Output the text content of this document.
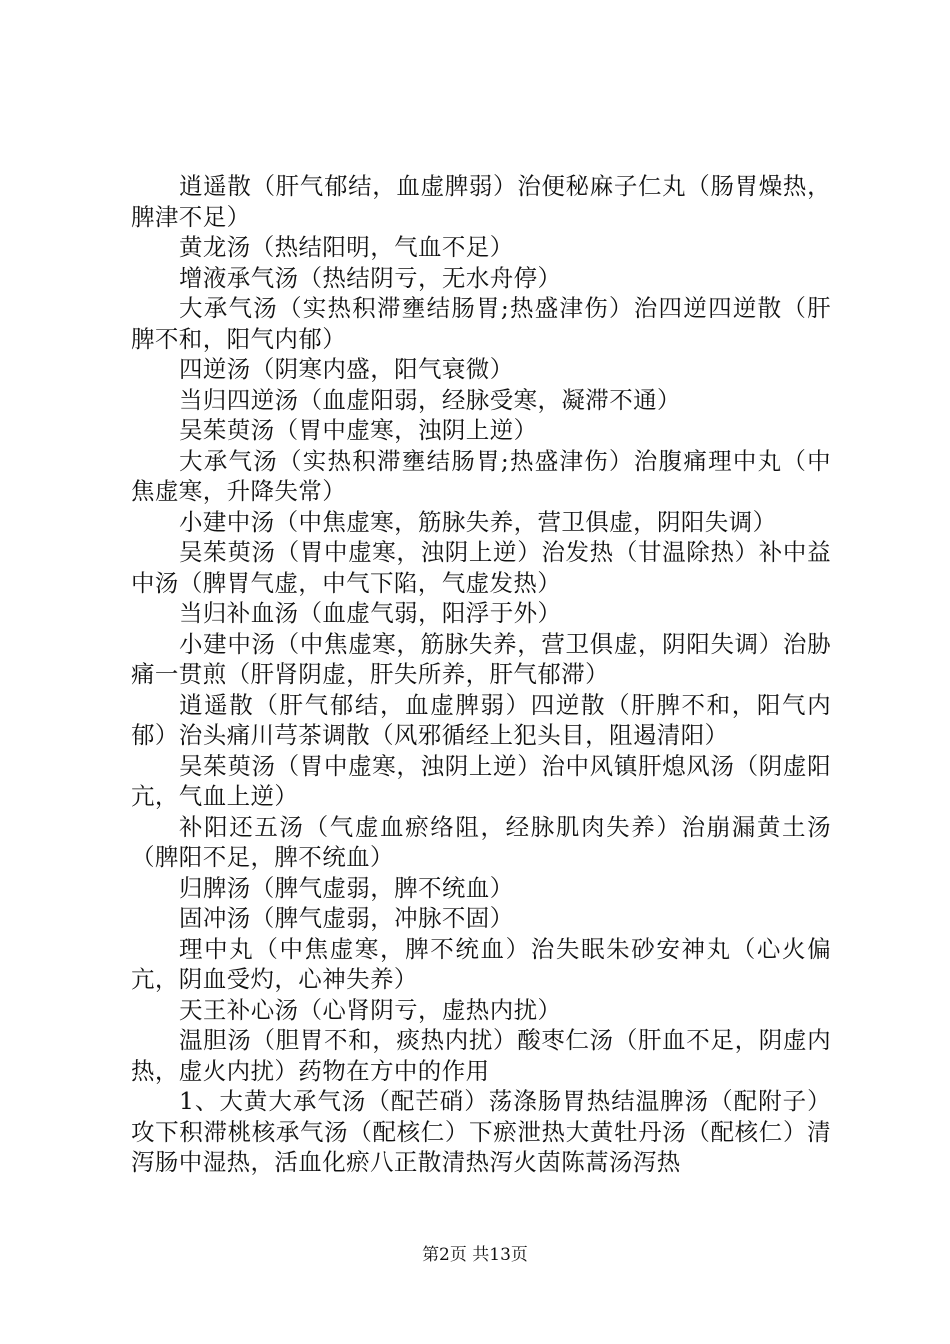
逍遥散（肝气郁结，血虚脾弱）治便秘麻子仁丸（肠胃燥热，脾津不足）

黄龙汤（热结阳明，气血不足）

增液承气汤（热结阴亏，无水舟停）

大承气汤（实热积滞壅结肠胃;热盛津伤）治四逆四逆散（肝脾不和，阳气内郁）

四逆汤（阴寒内盛，阳气衰微）

当归四逆汤（血虚阳弱，经脉受寒，凝滞不通）

吴茱萸汤（胃中虚寒，浊阴上逆）

大承气汤（实热积滞壅结肠胃;热盛津伤）治腹痛理中丸（中焦虚寒，升降失常）

小建中汤（中焦虚寒，筋脉失养，营卫俱虚，阴阳失调）

吴茱萸汤（胃中虚寒，浊阴上逆）治发热（甘温除热）补中益中汤（脾胃气虚，中气下陷，气虚发热）

当归补血汤（血虚气弱，阳浮于外）

小建中汤（中焦虚寒，筋脉失养，营卫俱虚，阴阳失调）治胁痛一贯煎（肝肾阴虚，肝失所养，肝气郁滞）

逍遥散（肝气郁结，血虚脾弱）四逆散（肝脾不和，阳气内郁）治头痛川芎茶调散（风邪循经上犯头目，阻遏清阳）

吴茱萸汤（胃中虚寒，浊阴上逆）治中风镇肝熄风汤（阴虚阳亢，气血上逆）

补阳还五汤（气虚血瘀络阻，经脉肌肉失养）治崩漏黄土汤（脾阳不足，脾不统血）

归脾汤（脾气虚弱，脾不统血）

固冲汤（脾气虚弱，冲脉不固）

理中丸（中焦虚寒，脾不统血）治失眠朱砂安神丸（心火偏亢，阴血受灼，心神失养）

天王补心汤（心肾阴亏，虚热内扰）

温胆汤（胆胃不和，痰热内扰）酸枣仁汤（肝血不足，阴虚内热，虚火内扰）药物在方中的作用

1、大黄大承气汤（配芒硝）荡涤肠胃热结温脾汤（配附子）攻下积滞桃核承气汤（配核仁）下瘀泄热大黄牡丹汤（配核仁）清泻肠中湿热，活血化瘀八正散清热泻火茵陈蒿汤泻热

第2页 共13页
